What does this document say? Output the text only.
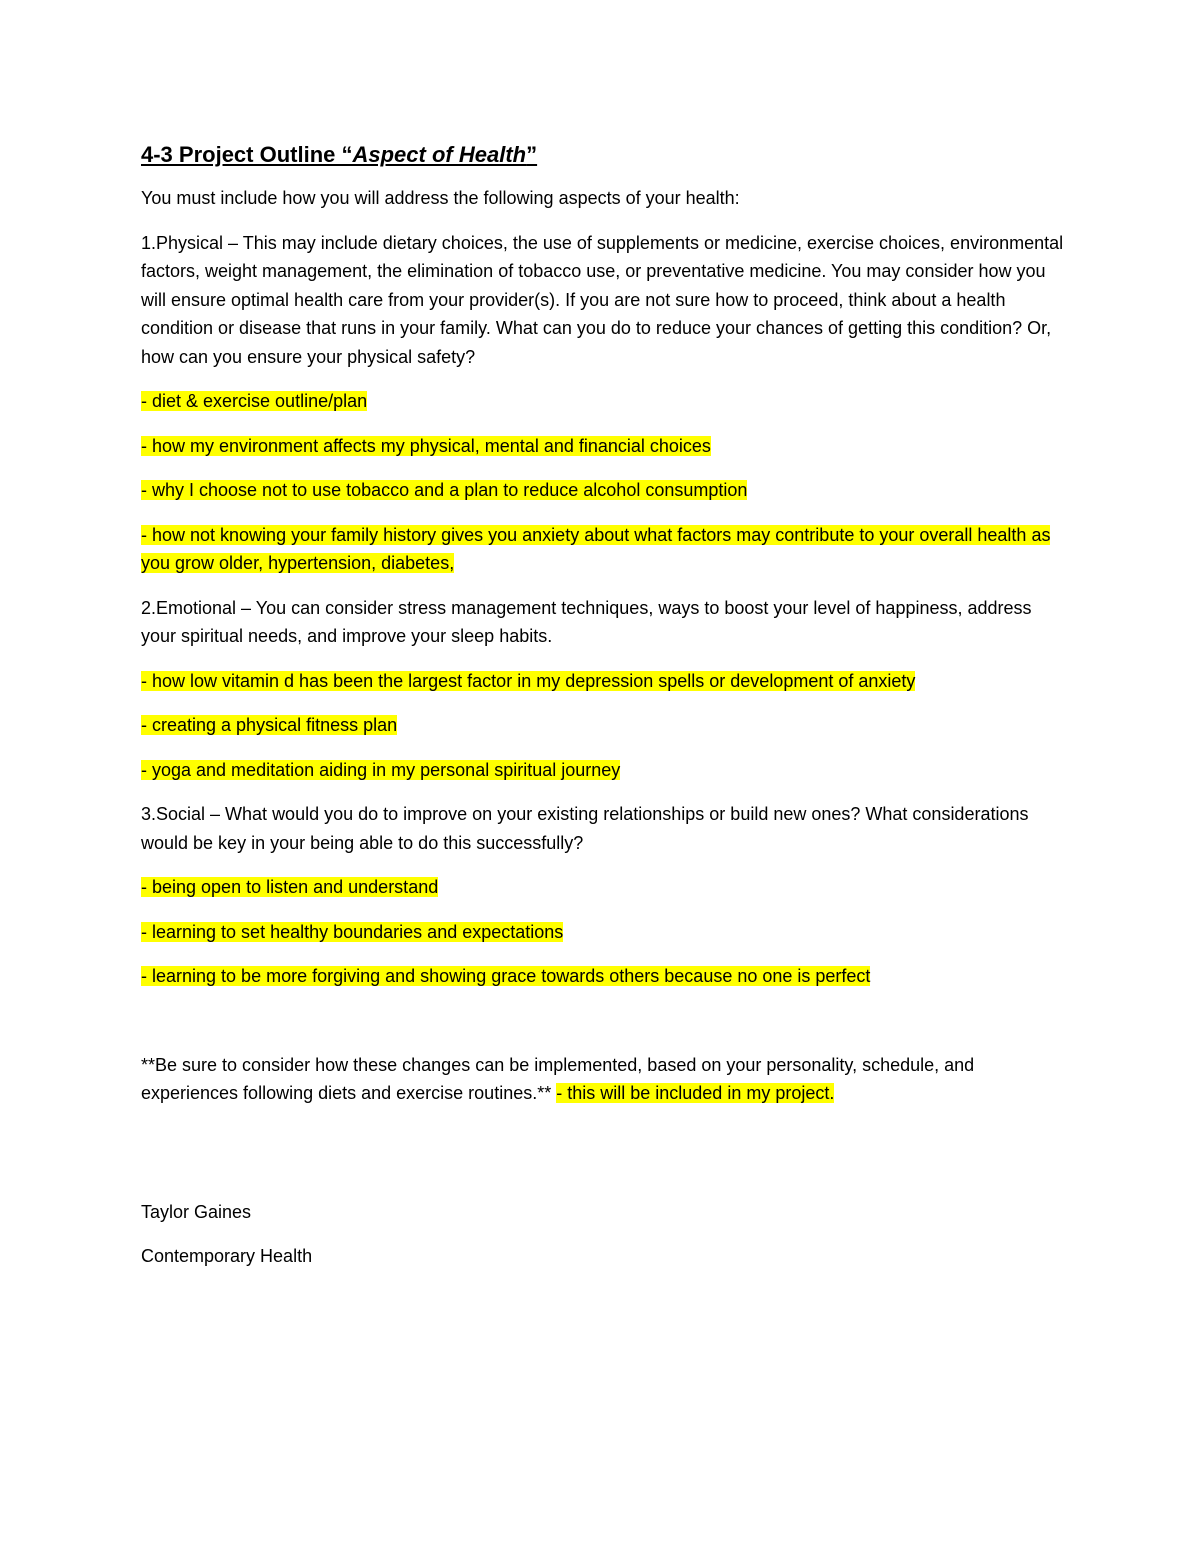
4-3 Project Outline “Aspect of Health”

You must include how you will address the following aspects of your health:

1.Physical – This may include dietary choices, the use of supplements or medicine, exercise choices, environmental factors, weight management, the elimination of tobacco use, or preventative medicine. You may consider how you will ensure optimal health care from your provider(s). If you are not sure how to proceed, think about a health condition or disease that runs in your family. What can you do to reduce your chances of getting this condition? Or, how can you ensure your physical safety?

- diet & exercise outline/plan
- how my environment affects my physical, mental and financial choices
- why I choose not to use tobacco and a plan to reduce alcohol consumption
- how not knowing your family history gives you anxiety about what factors may contribute to your overall health as you grow older, hypertension, diabetes,

2.Emotional – You can consider stress management techniques, ways to boost your level of happiness, address your spiritual needs, and improve your sleep habits.

- how low vitamin d has been the largest factor in my depression spells or development of anxiety
- creating a physical fitness plan
- yoga and meditation aiding in my personal spiritual journey

3.Social – What would you do to improve on your existing relationships or build new ones? What considerations would be key in your being able to do this successfully?

- being open to listen and understand
- learning to set healthy boundaries and expectations
- learning to be more forgiving and showing grace towards others because no one is perfect

**Be sure to consider how these changes can be implemented, based on your personality, schedule, and experiences following diets and exercise routines.** - this will be included in my project.

Taylor Gaines

Contemporary Health
